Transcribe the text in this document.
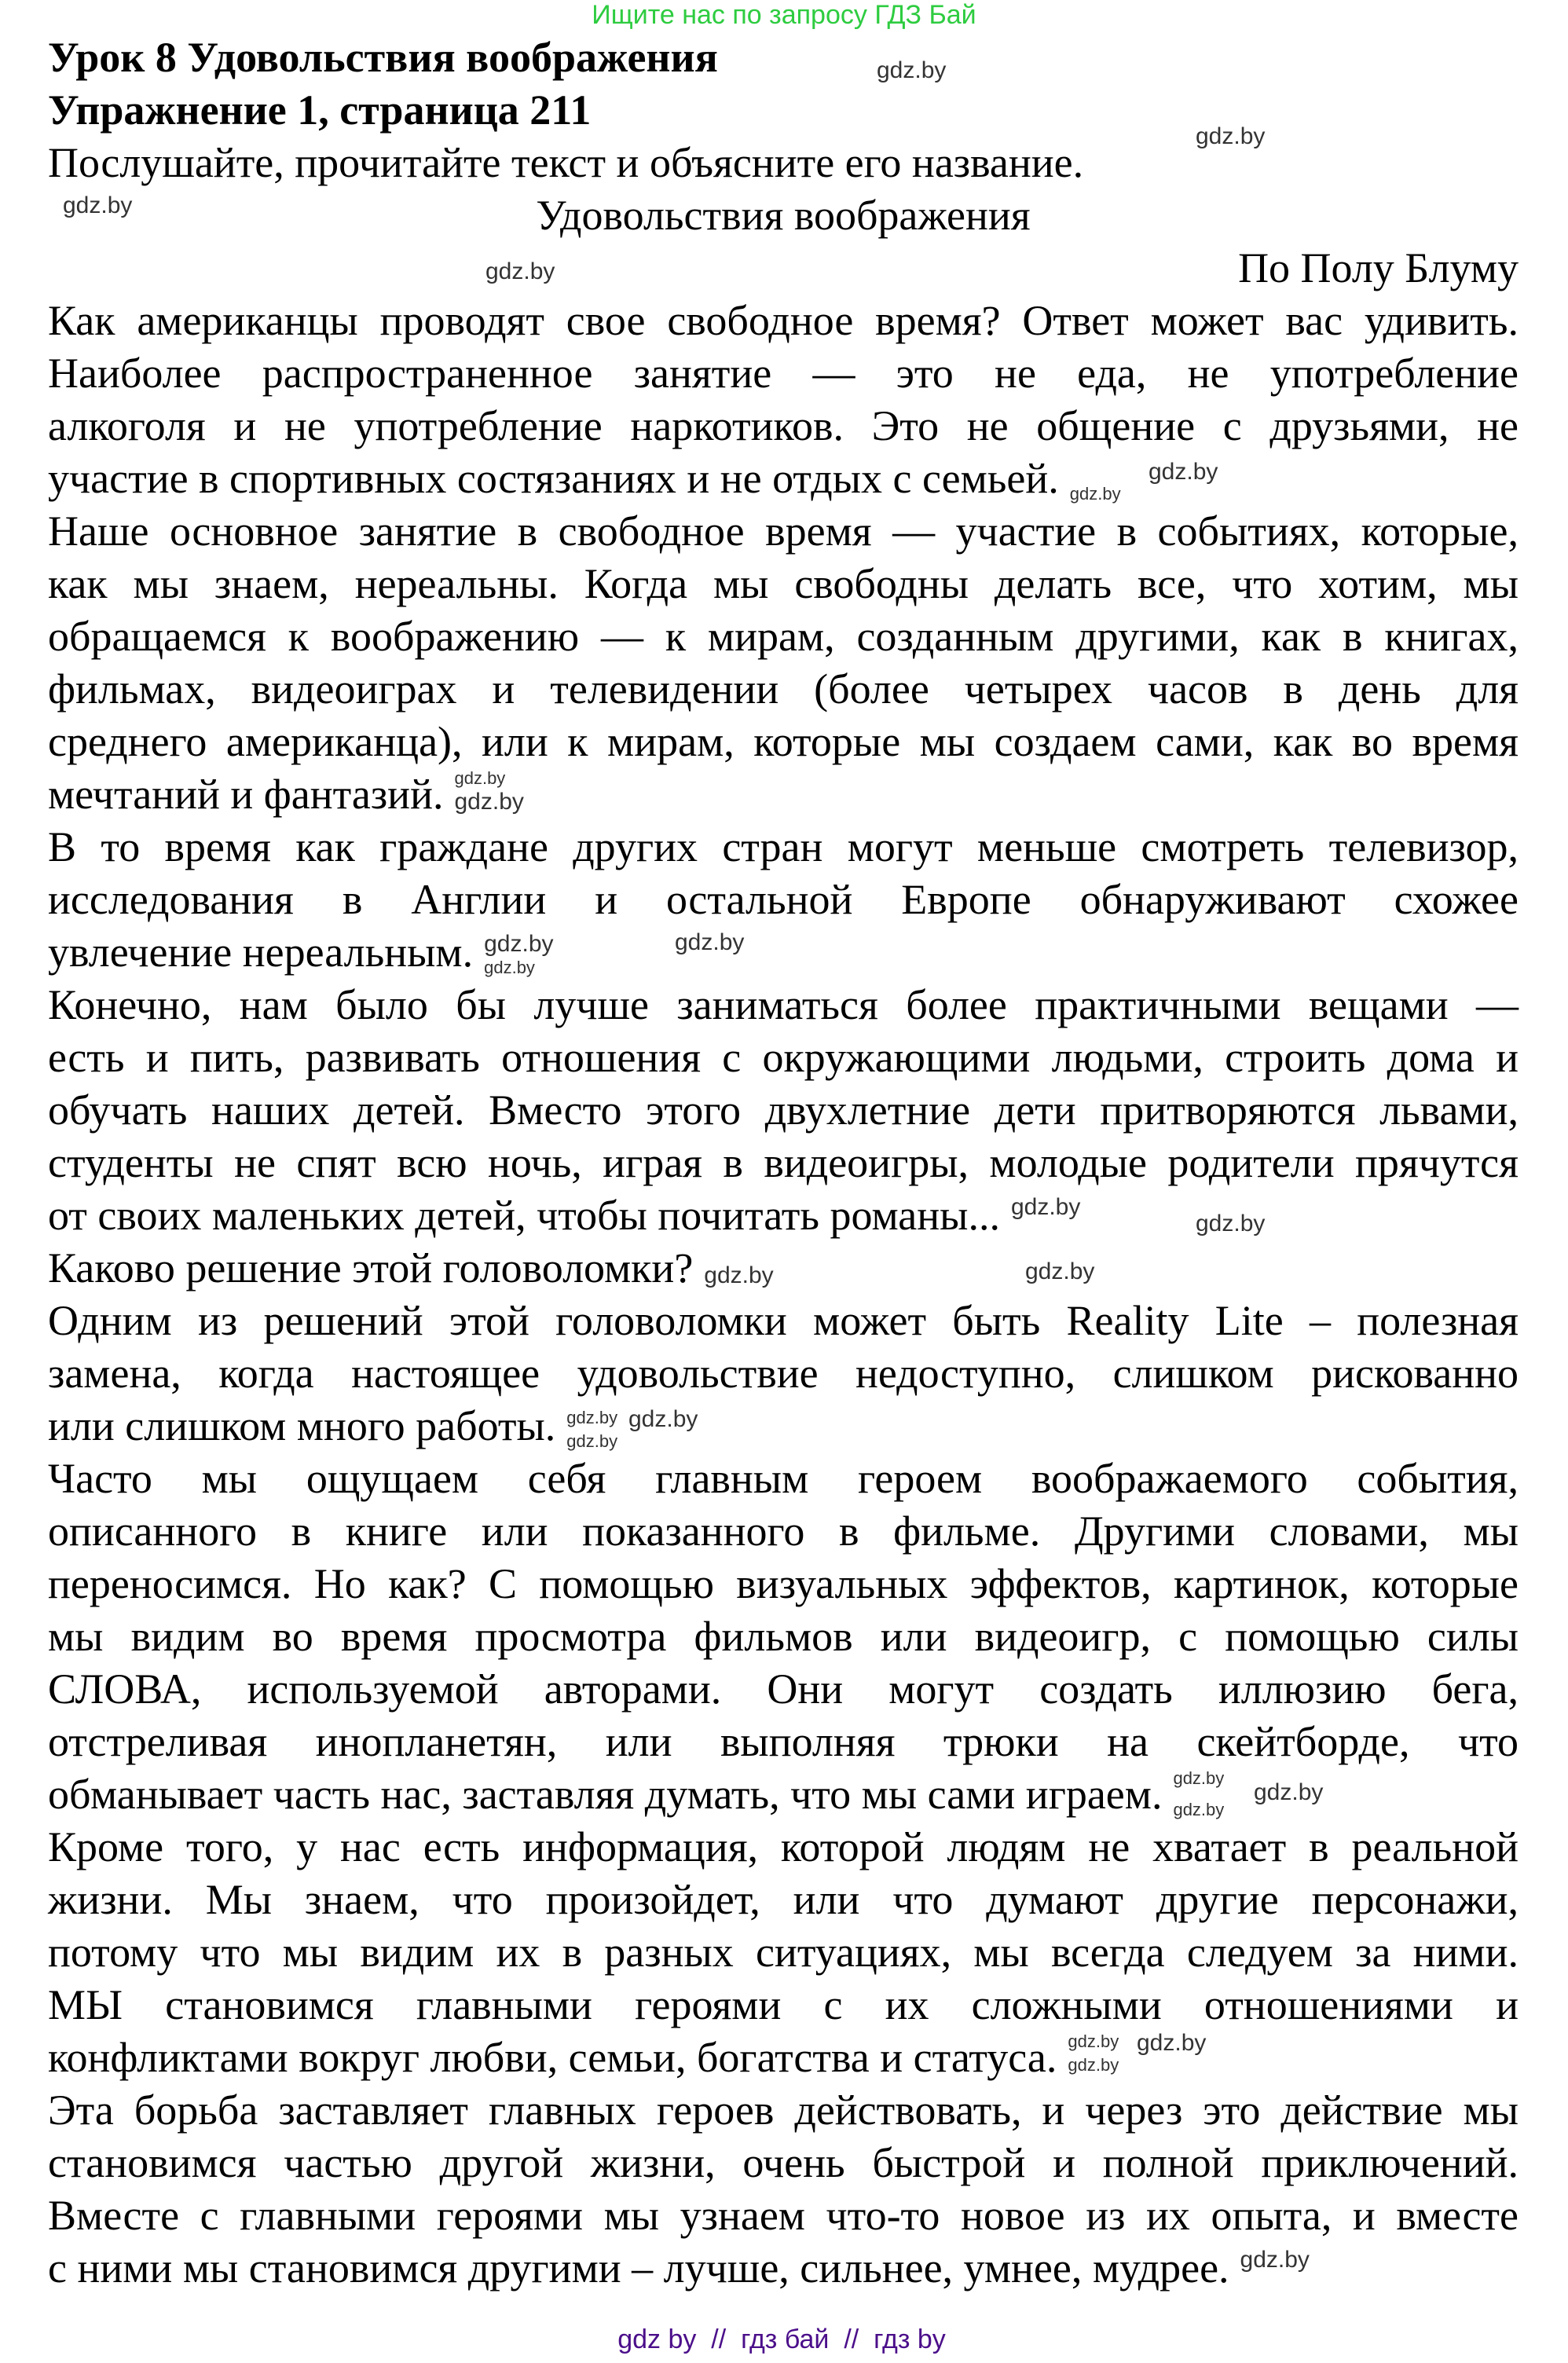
Ищите нас по запросу ГДЗ Бай
Урок 8 Удовольствия воображения
Упражнение 1, страница 211
Послушайте, прочитайте текст и объясните его название.
Удовольствия воображения
По Полу Блуму
Как американцы проводят свое свободное время? Ответ может вас удивить.
Наиболее распространенное занятие — это не еда, не употребление
алкоголя и не употребление наркотиков. Это не общение с друзьями, не
участие в спортивных состязаниях и не отдых с семьей.
Наше основное занятие в свободное время — участие в событиях, которые,
как мы знаем, нереальны. Когда мы свободны делать все, что хотим, мы
обращаемся к воображению — к мирам, созданным другими, как в книгах,
фильмах, видеоиграх и телевидении (более четырех часов в день для
среднего американца), или к мирам, которые мы создаем сами, как во время
мечтаний и фантазий.
В то время как граждане других стран могут меньше смотреть телевизор,
исследования в Англии и остальной Европе обнаруживают схожее
увлечение нереальным.
Конечно, нам было бы лучше заниматься более практичными вещами —
есть и пить, развивать отношения с окружающими людьми, строить дома и
обучать наших детей. Вместо этого двухлетние дети притворяются львами,
студенты не спят всю ночь, играя в видеоигры, молодые родители прячутся
от своих маленьких детей, чтобы почитать романы...
Каково решение этой головоломки?
Одним из решений этой головоломки может быть Reality Lite – полезная
замена, когда настоящее удовольствие недоступно, слишком рискованно
или слишком много работы.
Часто мы ощущаем себя главным героем воображаемого события,
описанного в книге или показанного в фильме. Другими словами, мы
переносимся. Но как? С помощью визуальных эффектов, картинок, которые
мы видим во время просмотра фильмов или видеоигр, с помощью силы
СЛОВА, используемой авторами. Они могут создать иллюзию бега,
отстреливая инопланетян, или выполняя трюки на скейтборде, что
обманывает часть нас, заставляя думать, что мы сами играем.
Кроме того, у нас есть информация, которой людям не хватает в реальной
жизни. Мы знаем, что произойдет, или что думают другие персонажи,
потому что мы видим их в разных ситуациях, мы всегда следуем за ними.
МЫ становимся главными героями с их сложными отношениями и
конфликтами вокруг любви, семьи, богатства и статуса.
Эта борьба заставляет главных героев действовать, и через это действие мы
становимся частью другой жизни, очень быстрой и полной приключений.
Вместе с главными героями мы узнаем что-то новое из их опыта, и вместе
с ними мы становимся другими – лучше, сильнее, умнее, мудрее.
gdz.by
gdz.by
gdz.by
gdz.by
gdz.by
gdz.by
gdz.by
gdz.by
gdz.by
gdz.by
gdz.by
gdz.by
gdz.by
gdz.by
gdz.by
gdz.by
gdz.by
gdz.by
gdz.by
gdz.by
gdz.by
gdz.by
gdz.by
gdz.by
gdz.by
gdz by  //  гдз бай  //  гдз by
